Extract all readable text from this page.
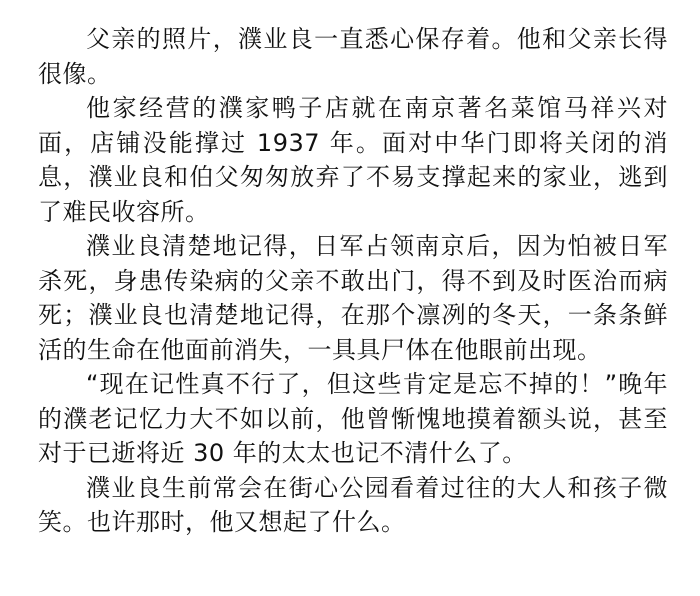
父亲的照片，濮业良一直悉心保存着。他和父亲长得很像。

他家经营的濮家鸭子店就在南京著名菜馆马祥兴对面，店铺没能撑过 1937 年。面对中华门即将关闭的消息，濮业良和伯父匆匆放弃了不易支撑起来的家业，逃到了难民收容所。

濮业良清楚地记得，日军占领南京后，因为怕被日军杀死，身患传染病的父亲不敢出门，得不到及时医治而病死；濮业良也清楚地记得，在那个凛冽的冬天，一条条鲜活的生命在他面前消失，一具具尸体在他眼前出现。

“现在记性真不行了，但这些肯定是忘不掉的！”晚年的濮老记忆力大不如以前，他曾惭愧地摸着额头说，甚至对于已逝将近 30 年的太太也记不清什么了。

濮业良生前常会在街心公园看着过往的大人和孩子微笑。也许那时，他又想起了什么。
